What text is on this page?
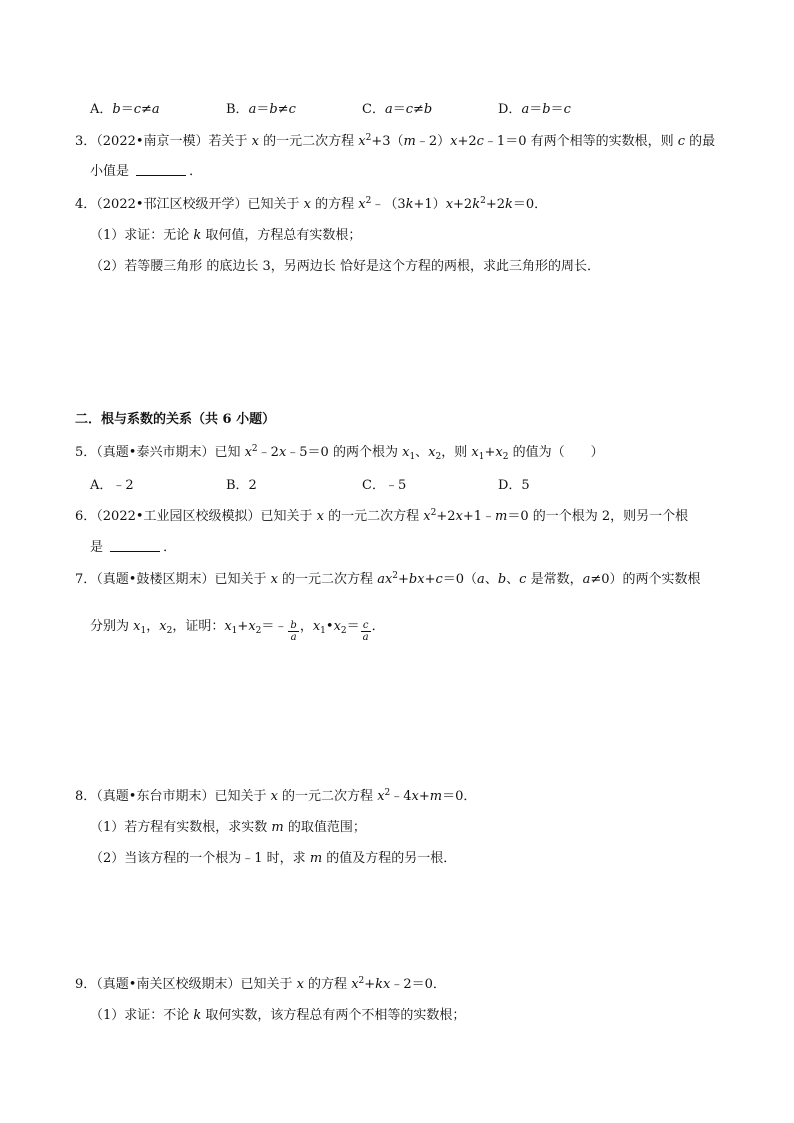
A．b＝c≠a	B．a＝b≠c	C．a＝c≠b	D．a＝b＝c
3．（2022•南京一模）若关于 x 的一元二次方程 $x^2+3(m﹣2)x+2c﹣1=0$ 有两个相等的实数根，则 c 的最
小值是	．
4．（2022•邗江区校级开学）已知关于 x 的方程 $x^2﹣(3k+1)x+2k^2+2k=0$．
（1）求证：无论 k 取何值，方程总有实数根；
（2）若等腰三角形 的底边长 3，另两边长 恰好是这个方程的两根，求此三角形的周长．
二．根与系数的关系（共 6 小题）
5．（真题•泰兴市期末）已知 $x^2﹣2x﹣5=0$ 的两个根为 $x_1$、$x_2$，则 $x_1+x_2$ 的值为（　　）
A．﹣2	B．2	C．﹣5	D．5
6．（2022•工业园区校级模拟）已知关于 x 的一元二次方程 $x^2+2x+1﹣m=0$ 的一个根为 2，则另一个根
是	．
7．（真题•鼓楼区期末）已知关于 x 的一元二次方程 $ax^2+bx+c=0(a$、b、c 是常数，a≠0）的两个实数根
分别为 $x_1$，$x_2$，证明：$x_1+x_2=﹣ \frac{b}{a}$ ，$x_1•x_2= \frac{c}{a}$ ．
8．（真题•东台市期末）已知关于 x 的一元二次方程 $x^2﹣4x+m=0$．
（1）若方程有实数根，求实数 m 的取值范围；
（2）当该方程的一个根为﹣1 时，求 m 的值及方程的另一根．
9．（真题•南关区校级期末）已知关于 x 的方程 $x^2+kx﹣2=0$．
（1）求证：不论 k 取何实数，该方程总有两个不相等的实数根；
